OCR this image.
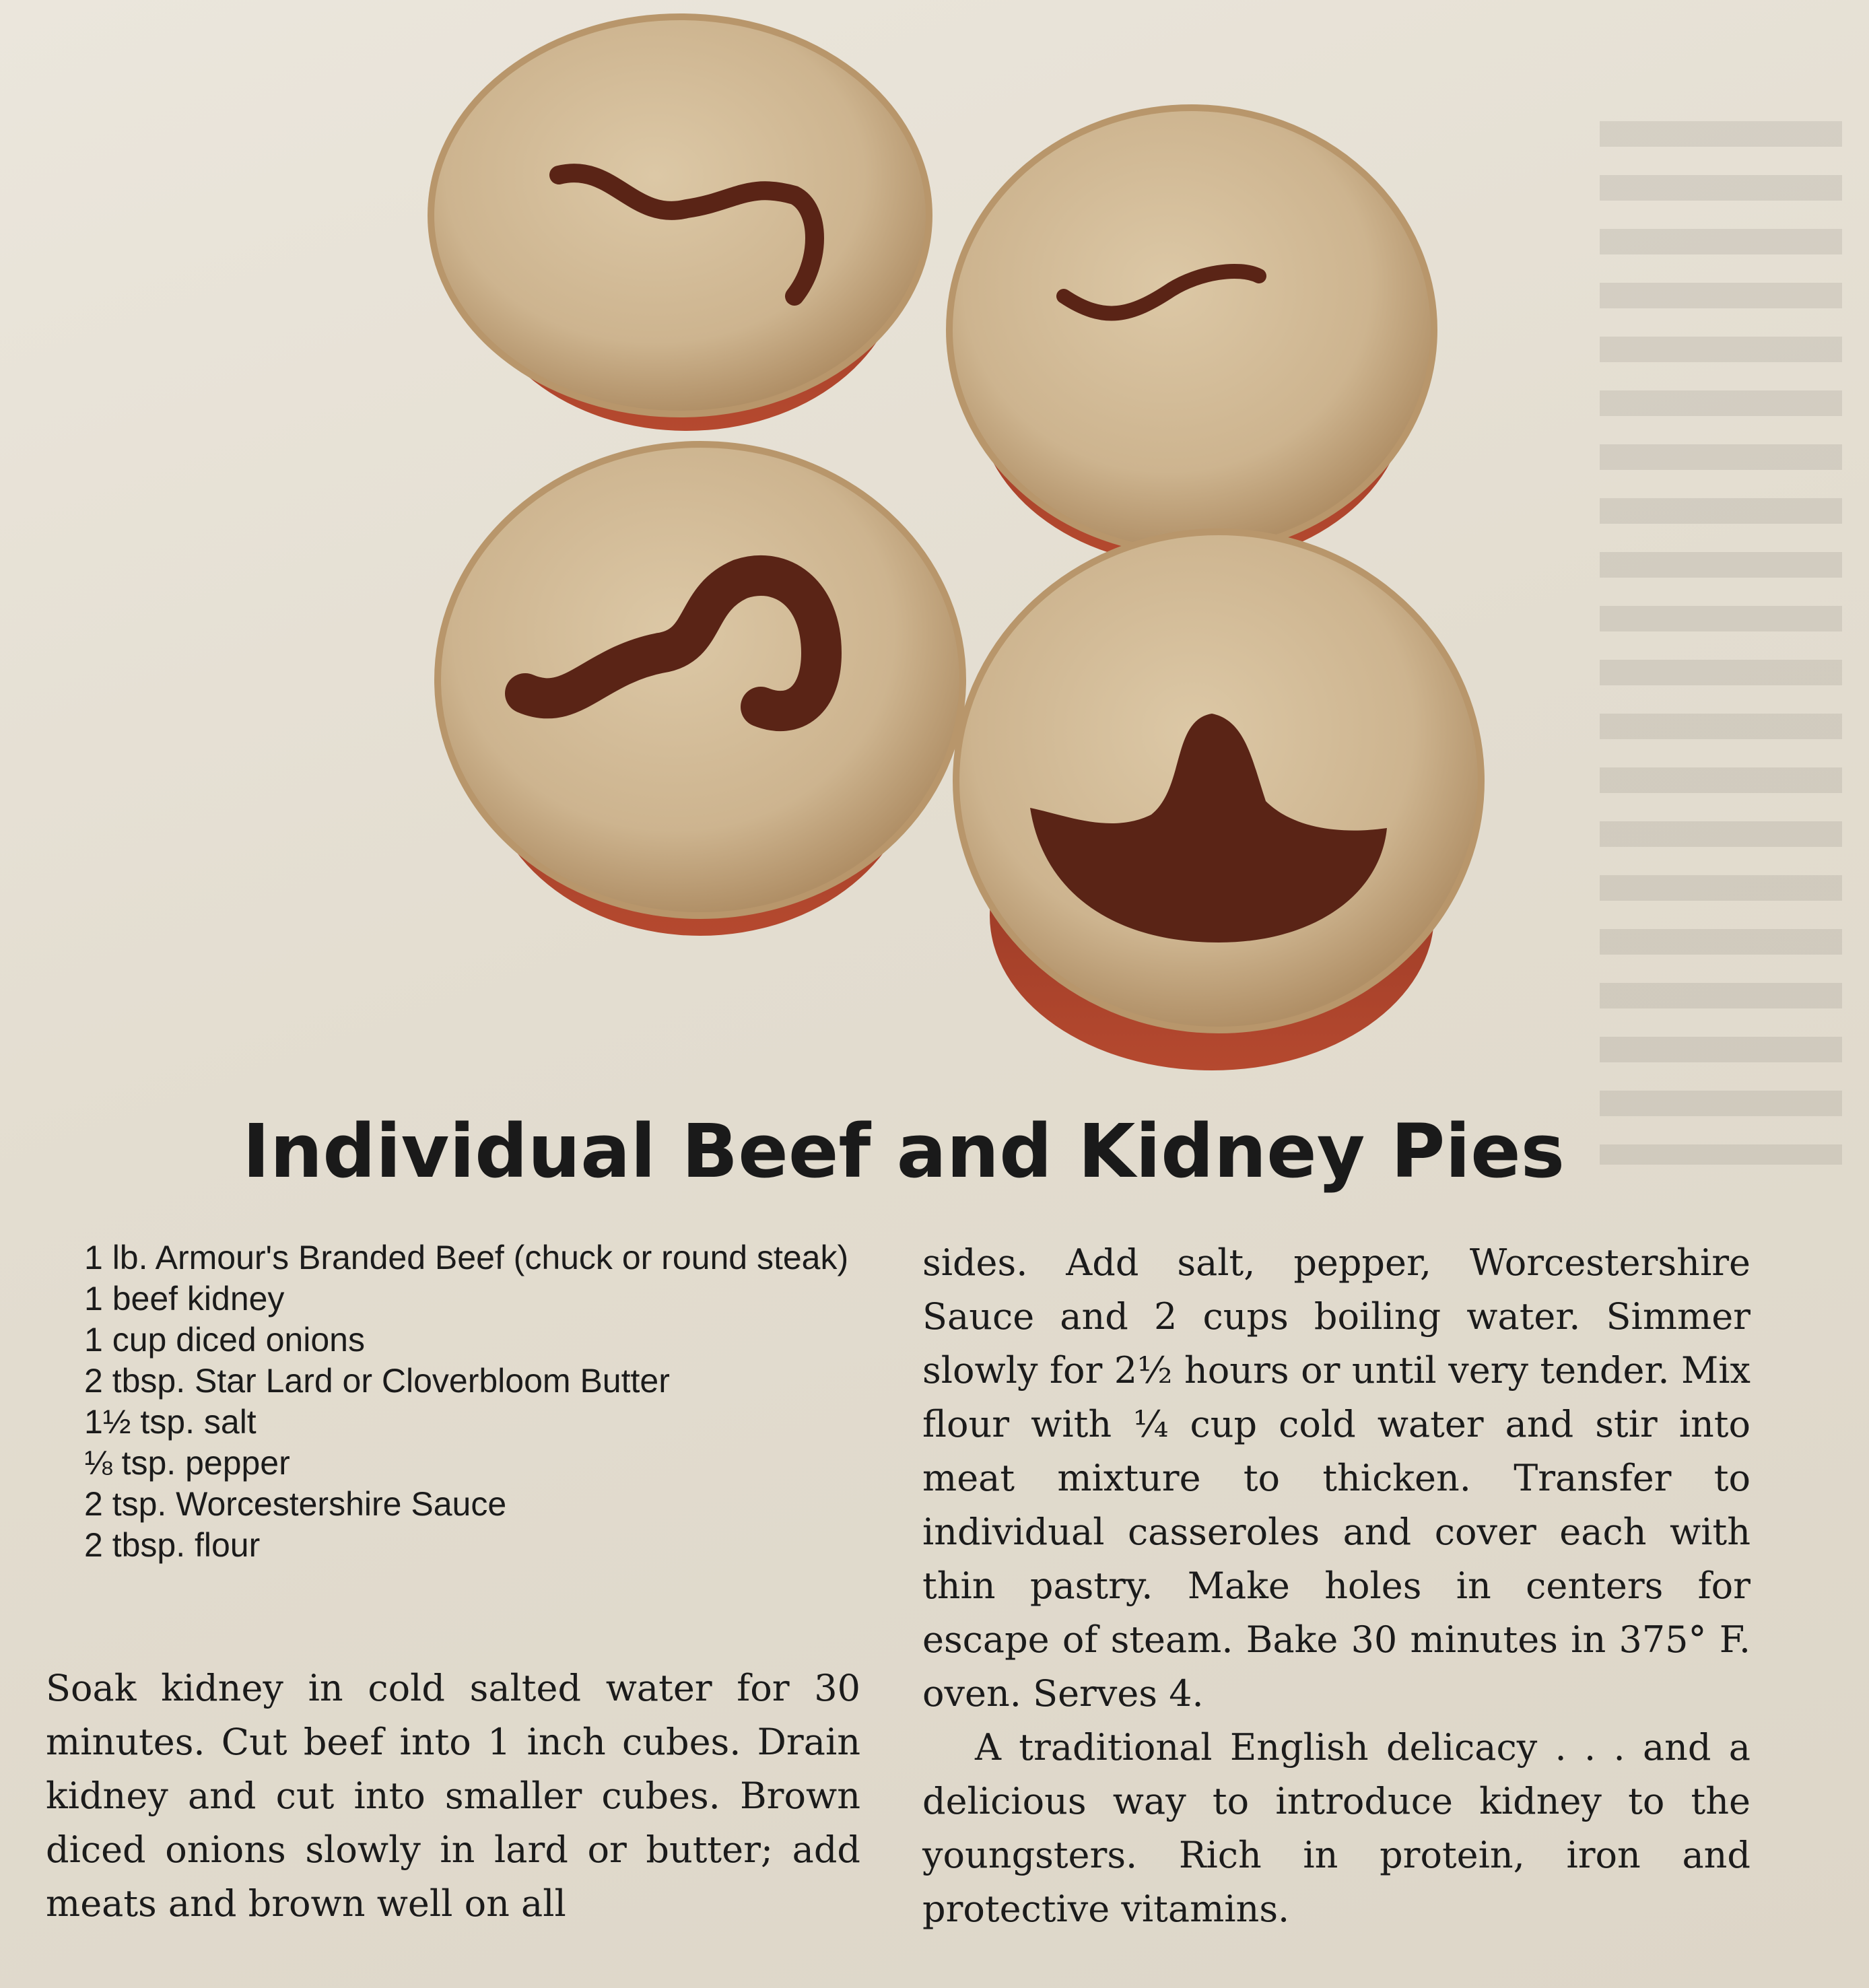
Individual Beef and Kidney Pies
1 lb. Armour's Branded Beef (chuck or round steak)
1 beef kidney
1 cup diced onions
2 tbsp. Star Lard or Cloverbloom Butter
1½ tsp. salt
⅛ tsp. pepper
2 tsp. Worcestershire Sauce
2 tbsp. flour

Soak kidney in cold salted water for 30 minutes. Cut beef into 1 inch cubes. Drain kidney and cut into smaller cubes. Brown diced onions slowly in lard or butter; add meats and brown well on all

sides. Add salt, pepper, Worcestershire Sauce and 2 cups boiling water. Simmer slowly for 2½ hours or until very tender. Mix flour with ¼ cup cold water and stir into meat mixture to thicken. Transfer to individual casseroles and cover each with thin pastry. Make holes in centers for escape of steam. Bake 30 minutes in 375° F. oven. Serves 4.

A traditional English delicacy . . . and a delicious way to introduce kidney to the youngsters. Rich in protein, iron and protective vitamins.
